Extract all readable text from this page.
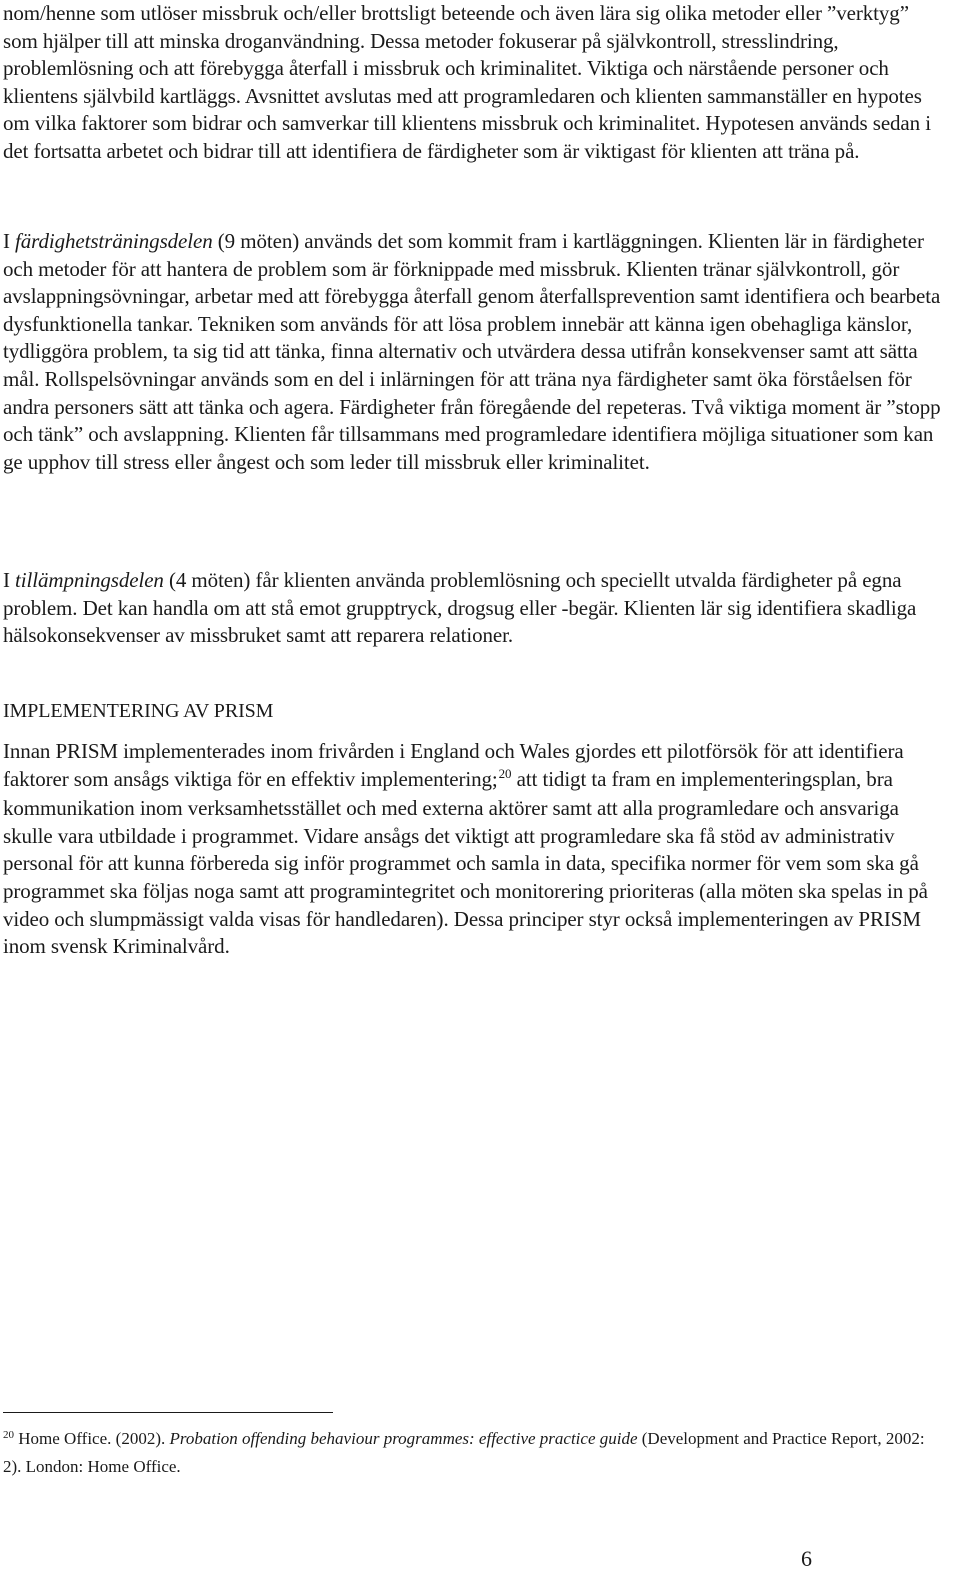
nom/henne som utlöser missbruk och/eller brottsligt beteende och även lära sig olika metoder eller ”verktyg” som hjälper till att minska droganvändning. Dessa metoder fokuserar på självkontroll, stresslindring, problemlösning och att förebygga återfall i missbruk och kriminalitet. Viktiga och närstående personer och klientens självbild kartläggs. Avsnittet avslutas med att programledaren och klienten sammanställer en hypotes om vilka faktorer som bidrar och samverkar till klientens missbruk och kriminalitet. Hypotesen används sedan i det fortsatta arbetet och bidrar till att identifiera de färdigheter som är viktigast för klienten att träna på.

I färdighetsträningsdelen (9 möten) används det som kommit fram i kartläggningen. Klienten lär in färdigheter och metoder för att hantera de problem som är förknippade med missbruk. Klienten tränar självkontroll, gör avslappningsövningar, arbetar med att förebygga återfall genom återfallsprevention samt identifiera och bearbeta dysfunktionella tankar. Tekniken som används för att lösa problem innebär att känna igen obehagliga känslor, tydliggöra problem, ta sig tid att tänka, finna alternativ och utvärdera dessa utifrån konsekvenser samt att sätta mål. Rollspelsövningar används som en del i inlärningen för att träna nya färdigheter samt öka förståelsen för andra personers sätt att tänka och agera. Färdigheter från föregående del repeteras. Två viktiga moment är ”stopp och tänk” och avslappning. Klienten får tillsammans med programledare identifiera möjliga situationer som kan ge upphov till stress eller ångest och som leder till missbruk eller kriminalitet.

I tillämpningsdelen (4 möten) får klienten använda problemlösning och speciellt utvalda färdigheter på egna problem. Det kan handla om att stå emot grupptryck, drogsug eller -begär. Klienten lär sig identifiera skadliga hälsokonsekvenser av missbruket samt att reparera relationer.

IMPLEMENTERING AV PRISM

Innan PRISM implementerades inom frivården i England och Wales gjordes ett pilotförsök för att identifiera faktorer som ansågs viktiga för en effektiv implementering;$^{20}$ att tidigt ta fram en implementeringsplan, bra kommunikation inom verksamhetsstället och med externa aktörer samt att alla programledare och ansvariga skulle vara utbildade i programmet. Vidare ansågs det viktigt att programledare ska få stöd av administrativ personal för att kunna förbereda sig inför programmet och samla in data, specifika normer för vem som ska gå programmet ska följas noga samt att programintegritet och monitorering prioriteras (alla möten ska spelas in på video och slumpmässigt valda visas för handledaren). Dessa principer styr också implementeringen av PRISM inom svensk Kriminalvård.

$^{20}$ Home Office. (2002). Probation offending behaviour programmes: effective practice guide (Development and Practice Report, 2002: 2). London: Home Office.

6
